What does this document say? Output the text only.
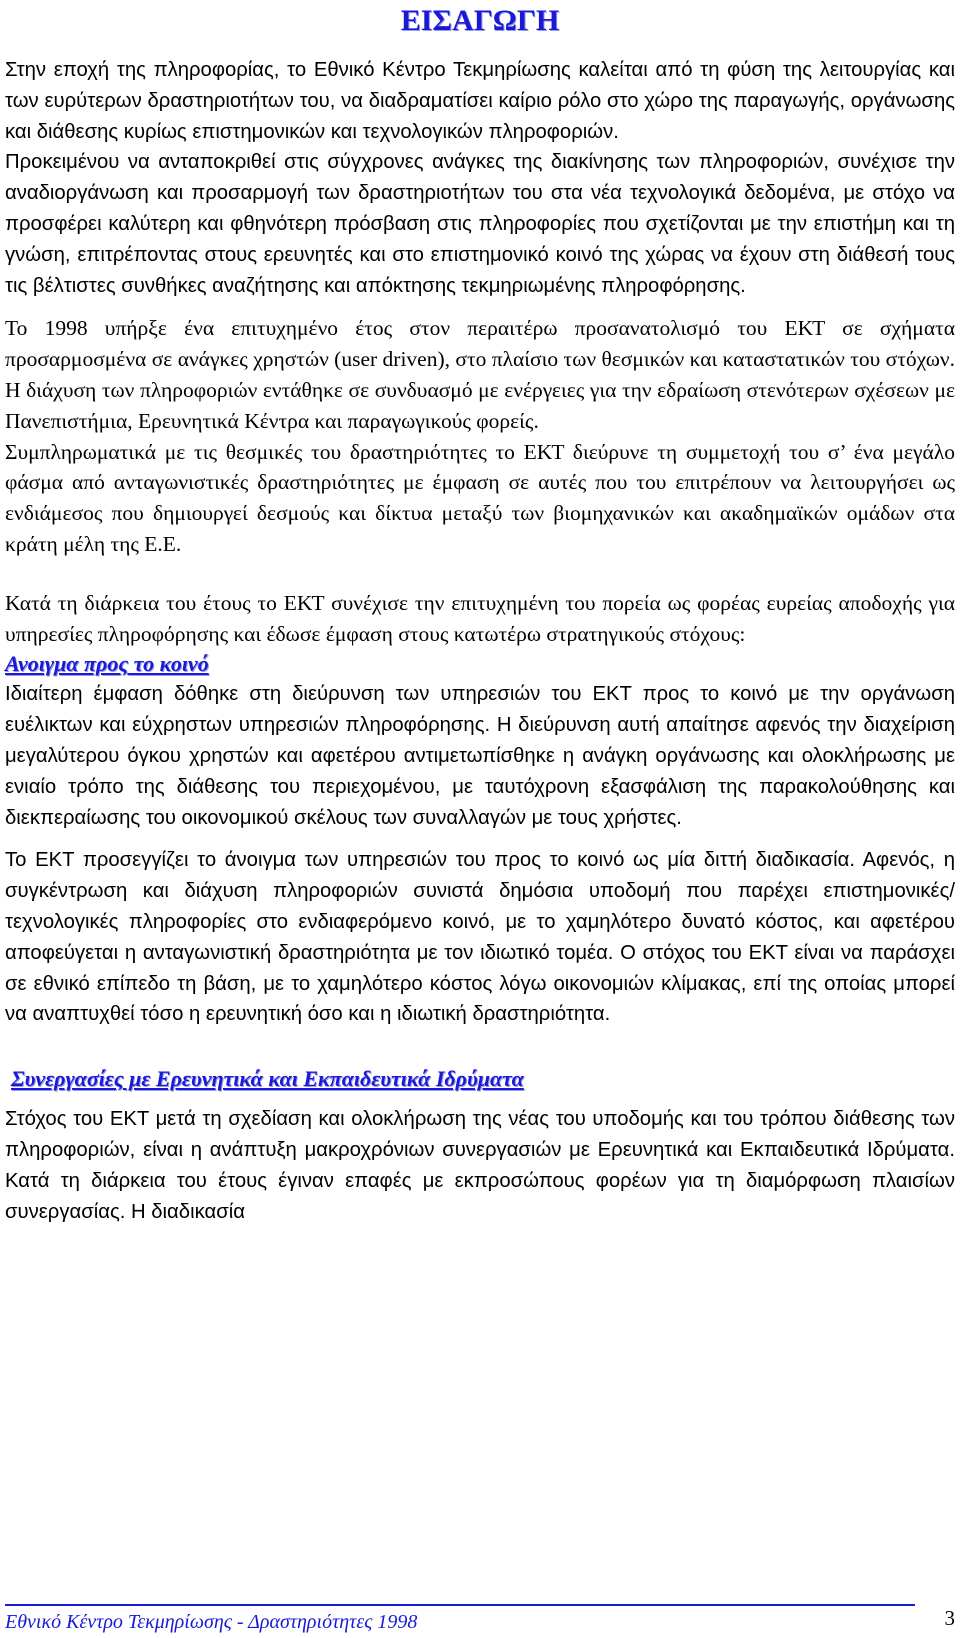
ΕΙΣΑΓΩΓΗ

Στην εποχή της πληροφορίας, το Εθνικό Κέντρο Τεκμηρίωσης καλείται από τη φύση της λειτουργίας και των ευρύτερων δραστηριοτήτων του, να διαδραματίσει καίριο ρόλο στο χώρο της παραγωγής, οργάνωσης και διάθεσης κυρίως επιστημονικών και τεχνολογικών πληροφοριών.

Προκειμένου να ανταποκριθεί στις σύγχρονες ανάγκες της διακίνησης των πληροφοριών, συνέχισε την αναδιοργάνωση και προσαρμογή των δραστηριοτήτων του στα νέα τεχνολογικά δεδομένα, με στόχο να προσφέρει καλύτερη και φθηνότερη πρόσβαση στις πληροφορίες που σχετίζονται με την επιστήμη και τη γνώση, επιτρέποντας στους ερευνητές και στο επιστημονικό κοινό της χώρας να έχουν στη διάθεσή τους τις βέλτιστες συνθήκες αναζήτησης και απόκτησης τεκμηριωμένης πληροφόρησης.

Το 1998 υπήρξε ένα επιτυχημένο έτος στον περαιτέρω προσανατολισμό του ΕΚΤ σε σχήματα προσαρμοσμένα σε ανάγκες χρηστών (user driven), στο πλαίσιο των θεσμικών και καταστατικών του στόχων.

Η διάχυση των πληροφοριών εντάθηκε σε συνδυασμό με ενέργειες για την εδραίωση στενότερων σχέσεων με Πανεπιστήμια, Ερευνητικά Κέντρα και παραγωγικούς φορείς.

Συμπληρωματικά με τις θεσμικές του δραστηριότητες το ΕΚΤ διεύρυνε τη συμμετοχή του σ’ ένα μεγάλο φάσμα από ανταγωνιστικές δραστηριότητες με έμφαση σε αυτές που του επιτρέπουν να λειτουργήσει ως ενδιάμεσος που δημιουργεί δεσμούς και δίκτυα μεταξύ των βιομηχανικών και ακαδημαϊκών ομάδων στα κράτη μέλη της Ε.Ε.

Κατά τη διάρκεια του έτους το ΕΚΤ συνέχισε την επιτυχημένη του πορεία ως φορέας ευρείας αποδοχής για υπηρεσίες πληροφόρησης και έδωσε έμφαση στους κατωτέρω στρατηγικούς στόχους:

Ανοιγμα προς το κοινό

Ιδιαίτερη έμφαση δόθηκε στη διεύρυνση των υπηρεσιών του ΕΚΤ προς το κοινό με την οργάνωση ευέλικτων και εύχρηστων υπηρεσιών πληροφόρησης. Η διεύρυνση αυτή απαίτησε αφενός την διαχείριση μεγαλύτερου όγκου χρηστών και αφετέρου αντιμετωπίσθηκε η ανάγκη οργάνωσης και ολοκλήρωσης με ενιαίο τρόπο της διάθεσης του περιεχομένου, με ταυτόχρονη εξασφάλιση της παρακολούθησης και διεκπεραίωσης του οικονομικού σκέλους των συναλλαγών με τους χρήστες.

Το ΕΚΤ προσεγγίζει το άνοιγμα των υπηρεσιών του προς το κοινό ως μία διττή διαδικασία. Αφενός, η συγκέντρωση και διάχυση πληροφοριών συνιστά δημόσια υποδομή που παρέχει επιστημονικές/τεχνολογικές πληροφορίες στο ενδιαφερόμενο κοινό, με το χαμηλότερο δυνατό κόστος, και αφετέρου αποφεύγεται η ανταγωνιστική δραστηριότητα με τον ιδιωτικό τομέα. Ο στόχος του ΕΚΤ είναι να παράσχει σε εθνικό επίπεδο τη βάση, με το χαμηλότερο κόστος λόγω οικονομιών κλίμακας, επί της οποίας μπορεί να αναπτυχθεί τόσο η ερευνητική όσο και η ιδιωτική δραστηριότητα.

Συνεργασίες με Ερευνητικά και Εκπαιδευτικά Ιδρύματα

Στόχος του ΕΚΤ μετά τη σχεδίαση και ολοκλήρωση της νέας του υποδομής και του τρόπου διάθεσης των πληροφοριών, είναι η ανάπτυξη μακροχρόνιων συνεργασιών με Ερευνητικά και Εκπαιδευτικά Ιδρύματα. Κατά τη διάρκεια του έτους έγιναν επαφές με εκπροσώπους φορέων για τη διαμόρφωση πλαισίων συνεργασίας. Η διαδικασία

Εθνικό Κέντρο Τεκμηρίωσης - Δραστηριότητες 1998	3
